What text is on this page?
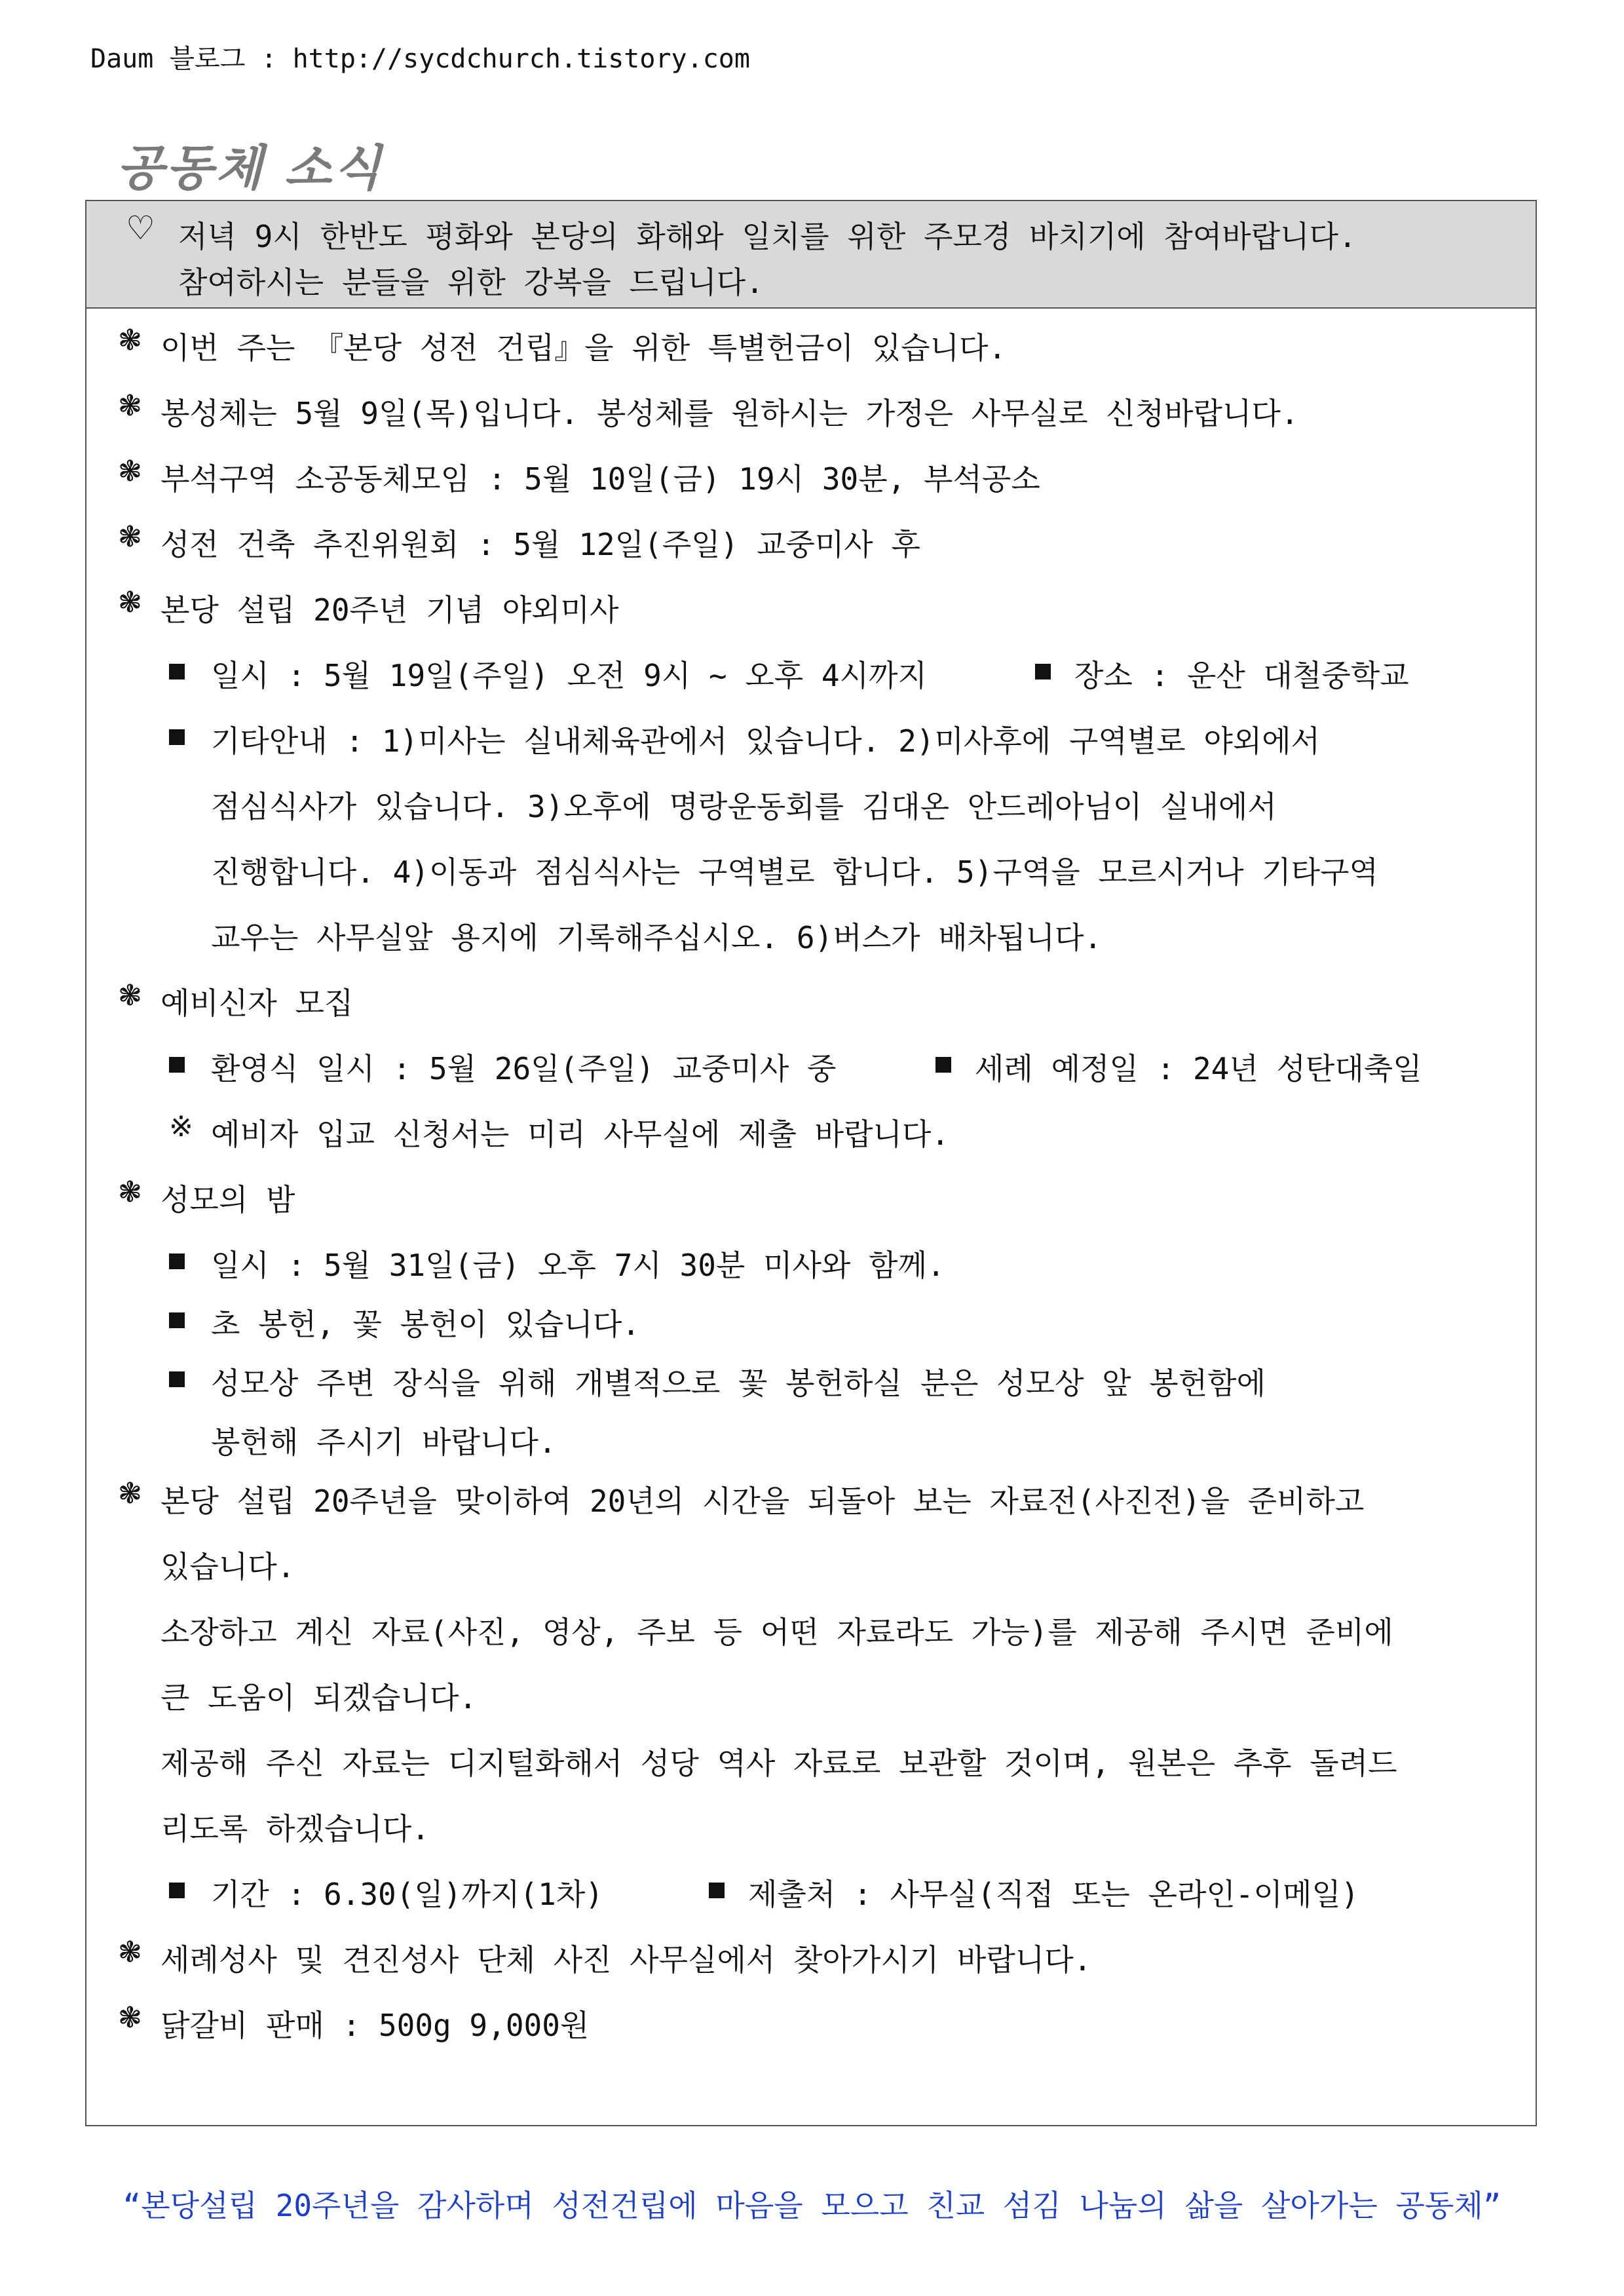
Daum 블로그 : http://sycdchurch.tistory.com
공동체 소식
♡ 저녁 9시 한반도 평화와 본당의 화해와 일치를 위한 주모경 바치기에 참여바랍니다.
참여하시는 분들을 위한 강복을 드립니다.
❃ 이번 주는 『본당 성전 건립』을 위한 특별헌금이 있습니다.
❃ 봉성체는 5월 9일(목)입니다. 봉성체를 원하시는 가정은 사무실로 신청바랍니다.
❃ 부석구역 소공동체모임 : 5월 10일(금) 19시 30분, 부석공소
❃ 성전 건축 추진위원회 : 5월 12일(주일) 교중미사 후
❃ 본당 설립 20주년 기념 야외미사
일시 : 5월 19일(주일) 오전 9시 ~ 오후 4시까지	장소 : 운산 대철중학교
기타안내 : 1)미사는 실내체육관에서 있습니다. 2)미사후에 구역별로 야외에서
점심식사가 있습니다. 3)오후에 명랑운동회를 김대온 안드레아님이 실내에서
진행합니다. 4)이동과 점심식사는 구역별로 합니다. 5)구역을 모르시거나 기타구역
교우는 사무실앞 용지에 기록해주십시오. 6)버스가 배차됩니다.
❃ 예비신자 모집
환영식 일시 : 5월 26일(주일) 교중미사 중	세례 예정일 : 24년 성탄대축일
※ 예비자 입교 신청서는 미리 사무실에 제출 바랍니다.
❃ 성모의 밤
일시 : 5월 31일(금) 오후 7시 30분 미사와 함께.
초 봉헌, 꽃 봉헌이 있습니다.
성모상 주변 장식을 위해 개별적으로 꽃 봉헌하실 분은 성모상 앞 봉헌함에
봉헌해 주시기 바랍니다.
❃ 본당 설립 20주년을 맞이하여 20년의 시간을 되돌아 보는 자료전(사진전)을 준비하고
있습니다.
소장하고 계신 자료(사진, 영상, 주보 등 어떤 자료라도 가능)를 제공해 주시면 준비에
큰 도움이 되겠습니다.
제공해 주신 자료는 디지털화해서 성당 역사 자료로 보관할 것이며, 원본은 추후 돌려드
리도록 하겠습니다.
기간 : 6.30(일)까지(1차)	제출처 : 사무실(직접 또는 온라인-이메일)
❃ 세례성사 및 견진성사 단체 사진 사무실에서 찾아가시기 바랍니다.
❃ 닭갈비 판매 : 500g 9,000원
“본당설립 20주년을 감사하며 성전건립에 마음을 모으고 친교 섬김 나눔의 삶을 살아가는 공동체”
